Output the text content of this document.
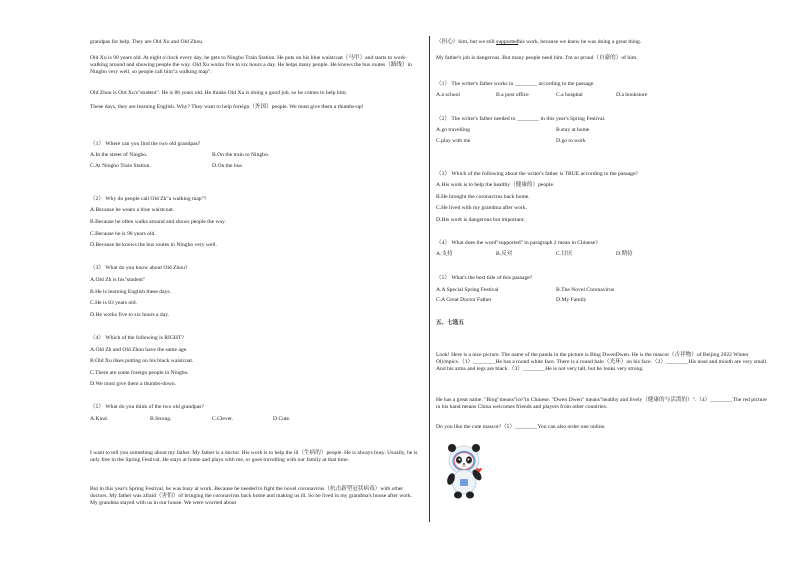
grandpas for help. They are Old Xu and Old Zhou.
Old Xu is 90 years old. At eight o'clock every day, he gets to Ningbo Train Station. He puts on his blue waistcoat（马甲）and starts to work-walking around and showing people the way. Old Xu works five to six hours a day. He helps many people. He knows the bus routes（路线）in Ningbo very well, so people call him"a walking map".
Old Zhou is Old Xu's"student". He is 86 years old. He thinks Old Xu is doing a good job, so he comes to help him.
These days, they are learning English. Why? They want to help foreign（外国）people. We must give them a thumbs-up!
（1） Where can you find the two old grandpas?
A.In the street of Ningbo.	B.On the train to Ningbo.
C.At Ningbo Train Station.	D.On the bus.
（2） Why do people call Old Zh"a walking map"?
A.Because he wears a blue waistcoat.
B.Because he often walks around and shows people the way.
C.Because he is 90 years old.
D.Because he knows the bus routes in Ningbo very well.
（3） What do you know about Old Zhou?
A.Old Zh is his"student"
B.He is learning English these days.
C.He is 83 years old.
D.He works five to six hours a day.
（4） Which of the following is RIGHT?
A.Old Zh and Old Zhou have the same age.
B.Old Xu likes putting on his black waistcoat.
C.There are some foreign people in Ningbo.
D.We must give them a thumbs-down.
（5） What do you think of the two old grandpas?
A.Kind.	B.Strong.	C.Clever.	D.Cute.
I want to tell you something about my father. My father is a doctor. His work is to help the ill（生病的）people. He is always busy. Usually, he is only free in the Spring Festival. He stays at home and plays with me, or goes travelling with our family at that time.
But in this year's Spring Festival, he was busy at work. Because he needed to fight the novel coronavirus（抗击新型冠状病毒）with other doctors. My father was afraid（害怕）of bringing the coronavirus back home and making us ill. So he lived in my grandma's house after work. My grandma stayed with us in our house. We were worried about
（担心）him, but we still supportedhis work, because we knew he was doing a great thing.
My father's job is dangerous. But many people need him. I'm so proud（自豪的）of him.
（1） The writer's father works in ________ according to the passage.
A.a school	B.a post office	C.a hospital	D.a bookstore
（2） The writer's father needed to ________ in this year's Spring Festival.
A.go travelling	B.stay at home
C.play with me	D.go to work
（3） Which of the following about the writer's father is TRUE according to the passage?
A.His work is to help the healthy（健康的）people.
B.He brought the coronavirus back home.
C.He lived with my grandma after work.
D.His work is dangerous but important.
（4） What does the word"supported" in paragraph 2 mean in Chinese?
A.支持	B.反对	C.讨厌	D.期待
（5） What's the best title of this passage?
A.A Special Spring Festival	B.The Novel Coronavirus
C.A Great Doctor Father	D.My Family
五、七选五
Look! Here is a nice picture. The name of the panda in the picture is Bing DwenDwen. He is the mascot（吉祥物）of Beijing 2022 Winter Olympics.（1）________He has a round white face. There is a round halo（光环）on his face.（2）________His nose and mouth are very small. And his arms and legs are black.（3）________He is not very tall, but he looks very strong.
He has a great name. "Bing"means"ice"in Chinese. "Dwen Dwen" means"healthy and lively（健康的与活泼的）".（4）________The red picture in his hand means China welcomes friends and players from other countries.
Do you like the cute mascot?（5）________You can also order one online.
